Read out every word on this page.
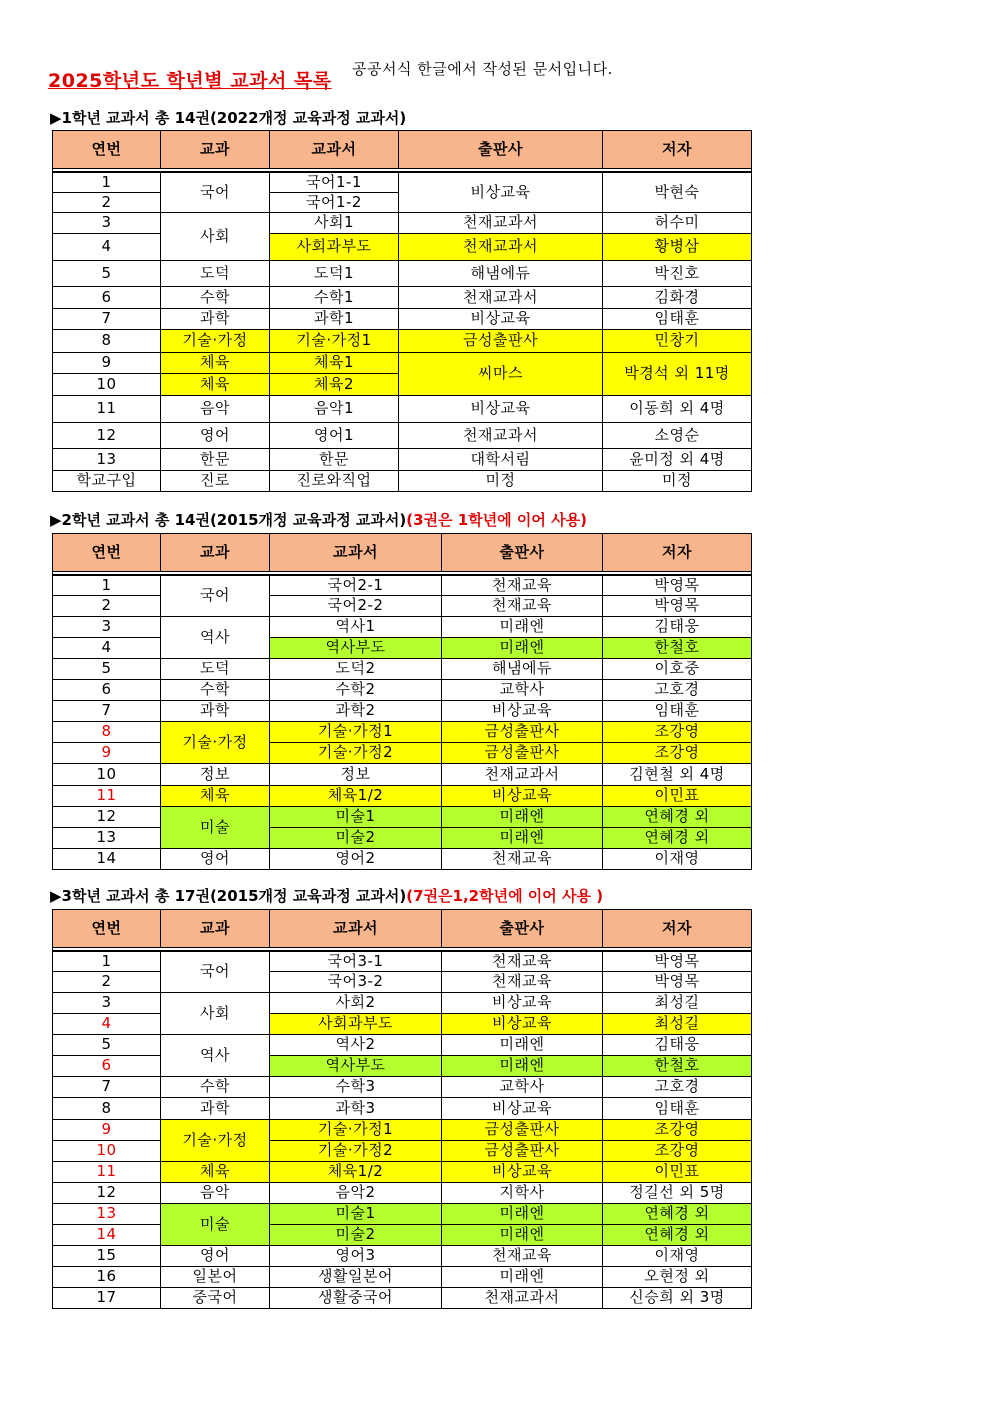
2025학년도 학년별 교과서 목록
공공서식 한글에서 작성된 문서입니다.
▶1학년 교과서 총 14권(2022개정 교육과정 교과서)
연번	교과	교과서	출판사	저자

1	국어	국어1-1	비상교육	박현숙
2		국어1-2		
3	사회	사회1	천재교과서	허수미
4		사회과부도	천재교과서	황병삼
5	도덕	도덕1	해냄에듀	박진호
6	수학	수학1	천재교과서	김화경
7	과학	과학1	비상교육	임태훈
8	기술·가정	기술·가정1	금성출판사	민창기
9	체육	체육1	씨마스	박경석 외 11명
10	체육	체육2		
11	음악	음악1	비상교육	이동희 외 4명
12	영어	영어1	천재교과서	소영순
13	한문	한문	대학서림	윤미정 외 4명
학교구입	진로	진로와직업	미정	미정
▶2학년 교과서 총 14권(2015개정 교육과정 교과서)(3권은 1학년에 이어 사용)
연번	교과	교과서	출판사	저자

1	국어	국어2-1	천재교육	박영목
2		국어2-2	천재교육	박영목
3	역사	역사1	미래엔	김태웅
4		역사부도	미래엔	한철호
5	도덕	도덕2	해냄에듀	이호중
6	수학	수학2	교학사	고호경
7	과학	과학2	비상교육	임태훈
8	기술·가정	기술·가정1	금성출판사	조강영
9		기술·가정2	금성출판사	조강영
10	정보	정보	천재교과서	김현철 외 4명
11	체육	체육1/2	비상교육	이민표
12	미술	미술1	미래엔	연혜경 외
13		미술2	미래엔	연혜경 외
14	영어	영어2	천재교육	이재영
▶3학년 교과서 총 17권(2015개정 교육과정 교과서)(7권은1,2학년에 이어 사용 )
연번	교과	교과서	출판사	저자

1	국어	국어3-1	천재교육	박영목
2		국어3-2	천재교육	박영목
3	사회	사회2	비상교육	최성길
4		사회과부도	비상교육	최성길
5	역사	역사2	미래엔	김태웅
6		역사부도	미래엔	한철호
7	수학	수학3	교학사	고호경
8	과학	과학3	비상교육	임태훈
9	기술·가정	기술·가정1	금성출판사	조강영
10		기술·가정2	금성출판사	조강영
11	체육	체육1/2	비상교육	이민표
12	음악	음악2	지학사	정길선 외 5명
13	미술	미술1	미래엔	연혜경 외
14		미술2	미래엔	연혜경 외
15	영어	영어3	천재교육	이재영
16	일본어	생활일본어	미래엔	오현정 외
17	중국어	생활중국어	천재교과서	신승희 외 3명
